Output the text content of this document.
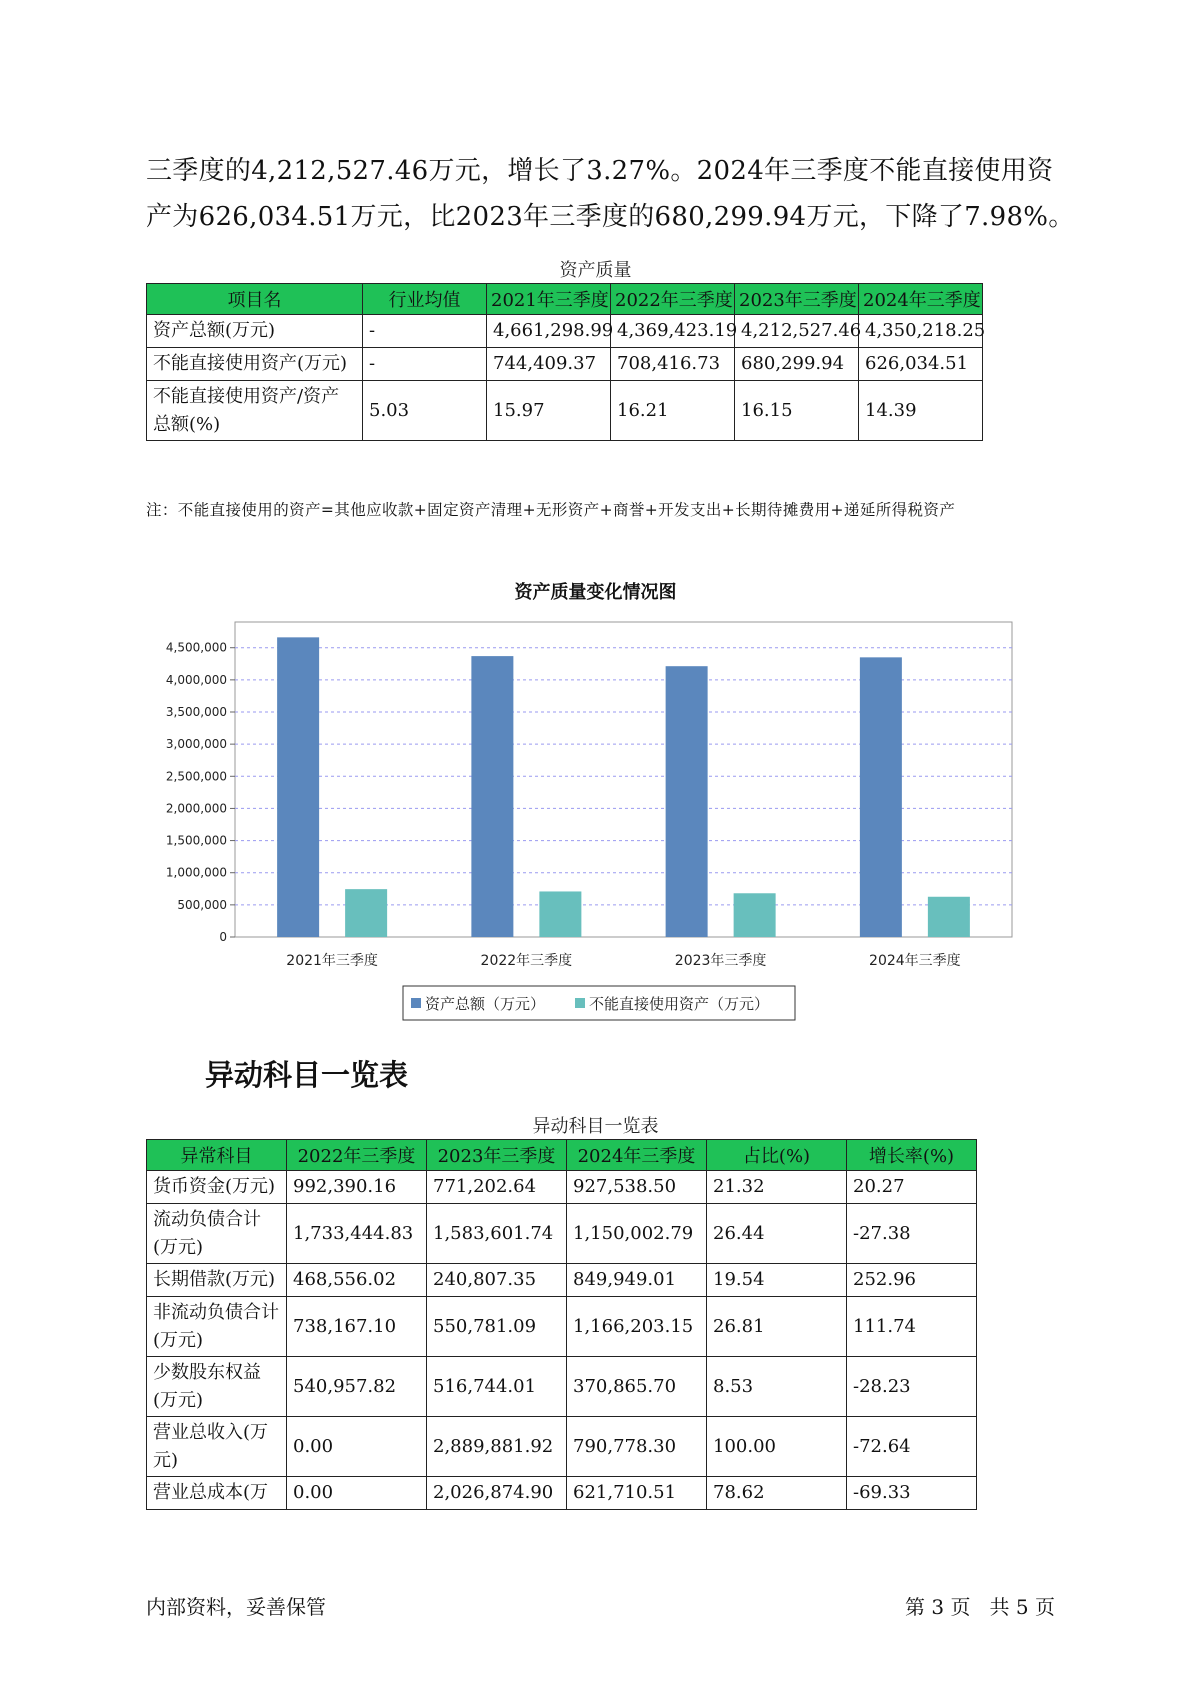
三季度的4,212,527.46万元，增长了3.27%。2024年三季度不能直接使用资

产为626,034.51万元，比2023年三季度的680,299.94万元，下降了7.98%。

资产质量
项目名	行业均值	2021年三季度	2022年三季度	2023年三季度	2024年三季度
资产总额(万元)	-	4,661,298.99	4,369,423.19	4,212,527.46	4,350,218.25
不能直接使用资产(万元)	-	744,409.37	708,416.73	680,299.94	626,034.51
不能直接使用资产/资产总额(%)	5.03	15.97	16.21	16.15	14.39
注：不能直接使用的资产=其他应收款+固定资产清理+无形资产+商誉+开发支出+长期待摊费用+递延所得税资产
资产质量变化情况图
0
500,000
1,000,000
1,500,000
2,000,000
2,500,000
3,000,000
3,500,000
4,000,000
4,500,000
2021年三季度	2022年三季度	2023年三季度	2024年三季度
资产总额（万元）	不能直接使用资产（万元）
异动科目一览表
异动科目一览表
异常科目	2022年三季度	2023年三季度	2024年三季度	占比(%)	增长率(%)
货币资金(万元)	992,390.16	771,202.64	927,538.50	21.32	20.27
流动负债合计(万元)	1,733,444.83	1,583,601.74	1,150,002.79	26.44	-27.38
长期借款(万元)	468,556.02	240,807.35	849,949.01	19.54	252.96
非流动负债合计(万元)	738,167.10	550,781.09	1,166,203.15	26.81	111.74
少数股东权益(万元)	540,957.82	516,744.01	370,865.70	8.53	-28.23
营业总收入(万元)	0.00	2,889,881.92	790,778.30	100.00	-72.64
营业总成本(万	0.00	2,026,874.90	621,710.51	78.62	-69.33
内部资料，妥善保管	第 3 页   共 5 页
